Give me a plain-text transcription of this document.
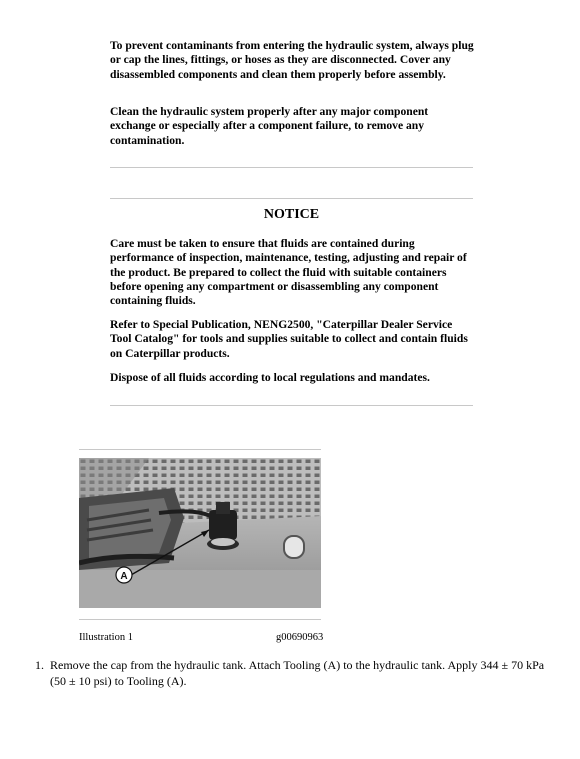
To prevent contaminants from entering the hydraulic system, always plug or cap the lines, fittings, or hoses as they are disconnected. Cover any disassembled components and clean them properly before assembly.

Clean the hydraulic system properly after any major component exchange or especially after a component failure, to remove any contamination.

NOTICE

Care must be taken to ensure that fluids are contained during performance of inspection, maintenance, testing, adjusting and repair of the product. Be prepared to collect the fluid with suitable containers before opening any compartment or disassembling any component containing fluids.

Refer to Special Publication, NENG2500, "Caterpillar Dealer Service Tool Catalog" for tools and supplies suitable to collect and contain fluids on Caterpillar products.

Dispose of all fluids according to local regulations and mandates.

A
Illustration 1	g00690963
1. Remove the cap from the hydraulic tank. Attach Tooling (A) to the hydraulic tank. Apply 344 ± 70 kPa (50 ± 10 psi) to Tooling (A).
